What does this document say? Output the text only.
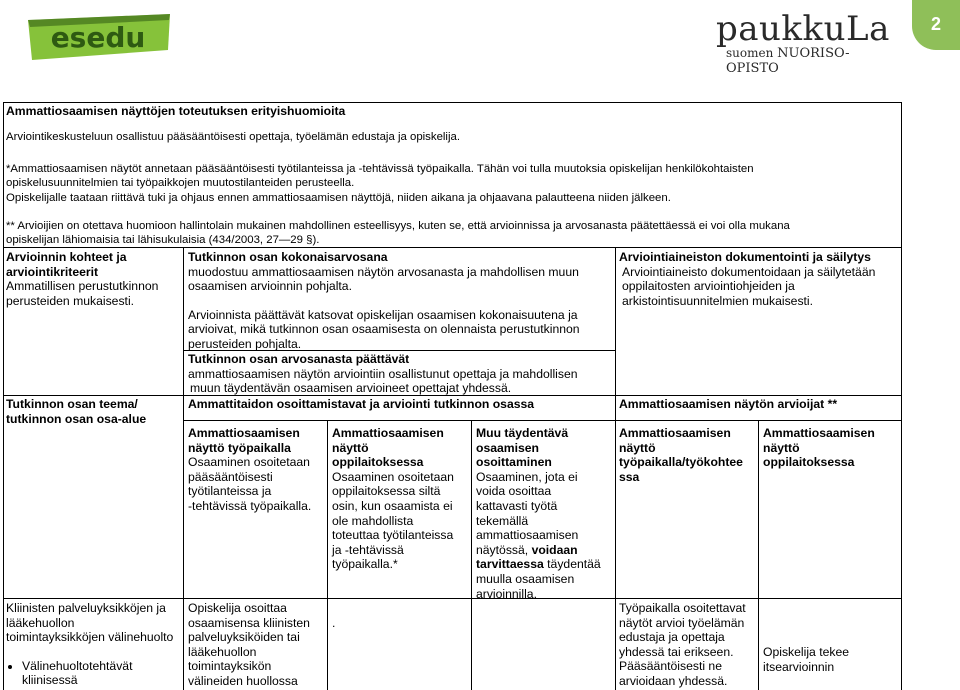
esedu	paukkuLa
suomen NUORISO-OPISTO
2
Ammattiosaamisen näyttöjen toteutuksen erityishuomioita
Arviointikeskusteluun osallistuu pääsääntöisesti opettaja, työelämän edustaja ja opiskelija.
*Ammattiosaamisen näytöt annetaan pääsääntöisesti työtilanteissa ja -tehtävissä työpaikalla. Tähän voi tulla muutoksia opiskelijan henkilökohtaisten
opiskelusuunnitelmien tai työpaikkojen muutostilanteiden perusteella.
Opiskelijalle taataan riittävä tuki ja ohjaus ennen ammattiosaamisen näyttöjä, niiden aikana ja ohjaavana palautteena niiden jälkeen.
** Arvioijien on otettava huomioon hallintolain mukainen mahdollinen esteellisyys, kuten se, että arvioinnissa ja arvosanasta päätettäessä ei voi olla mukana
opiskelijan lähiomaisia tai lähisukulaisia (434/2003, 27—29 §).
Arvioinnin kohteet ja
arviointikriteerit
Ammatillisen perustutkinnon
perusteiden mukaisesti.
Tutkinnon osan kokonaisarvosana
muodostuu ammattiosaamisen näytön arvosanasta ja mahdollisen muun
osaamisen arvioinnin pohjalta.
Arvioinnista päättävät katsovat opiskelijan osaamisen kokonaisuutena ja
arvioivat, mikä tutkinnon osan osaamisesta on olennaista perustutkinnon
perusteiden pohjalta.
Tutkinnon osan arvosanasta päättävät
ammattiosaamisen näytön arviointiin osallistunut opettaja ja mahdollisen
muun täydentävän osaamisen arvioineet opettajat yhdessä.
Arviointiaineiston dokumentointi ja säilytys
Arviointiaineisto dokumentoidaan ja säilytetään
oppilaitosten arviointiohjeiden ja
arkistointisuunnitelmien mukaisesti.
Tutkinnon osan teema/
tutkinnon osan osa-alue
Ammattitaidon osoittamistavat ja arviointi tutkinnon osassa	Ammattiosaamisen näytön arvioijat **
Ammattiosaamisen
näyttö työpaikalla
Osaaminen osoitetaan
pääsääntöisesti
työtilanteissa ja
-tehtävissä työpaikalla.
Ammattiosaamisen
näyttö
oppilaitoksessa
Osaaminen osoitetaan
oppilaitoksessa siltä
osin, kun osaamista ei
ole mahdollista
toteuttaa työtilanteissa
ja -tehtävissä
työpaikalla.*
Muu täydentävä
osaamisen
osoittaminen
Osaaminen, jota ei
voida osoittaa
kattavasti työtä
tekemällä
ammattiosaamisen
näytössä, voidaan
tarvittaessa täydentää
muulla osaamisen
arvioinnilla.
Ammattiosaamisen
näyttö
työpaikalla/työkohtee
ssa
Ammattiosaamisen
näyttö
oppilaitoksessa
Kliinisten palveluyksikköjen ja
lääkehuollon
toimintayksikköjen välinehuolto
• Välinehuoltotehtävät
kliinisessä
Opiskelija osoittaa
osaamisensa kliinisten
palveluyksiköiden tai
lääkehuollon
toimintayksikön
välineiden huollossa
.
Työpaikalla osoitettavat
näytöt arvioi työelämän
edustaja ja opettaja
yhdessä tai erikseen.
Pääsääntöisesti ne
arvioidaan yhdessä.
Opiskelija tekee
itsearvioinnin
